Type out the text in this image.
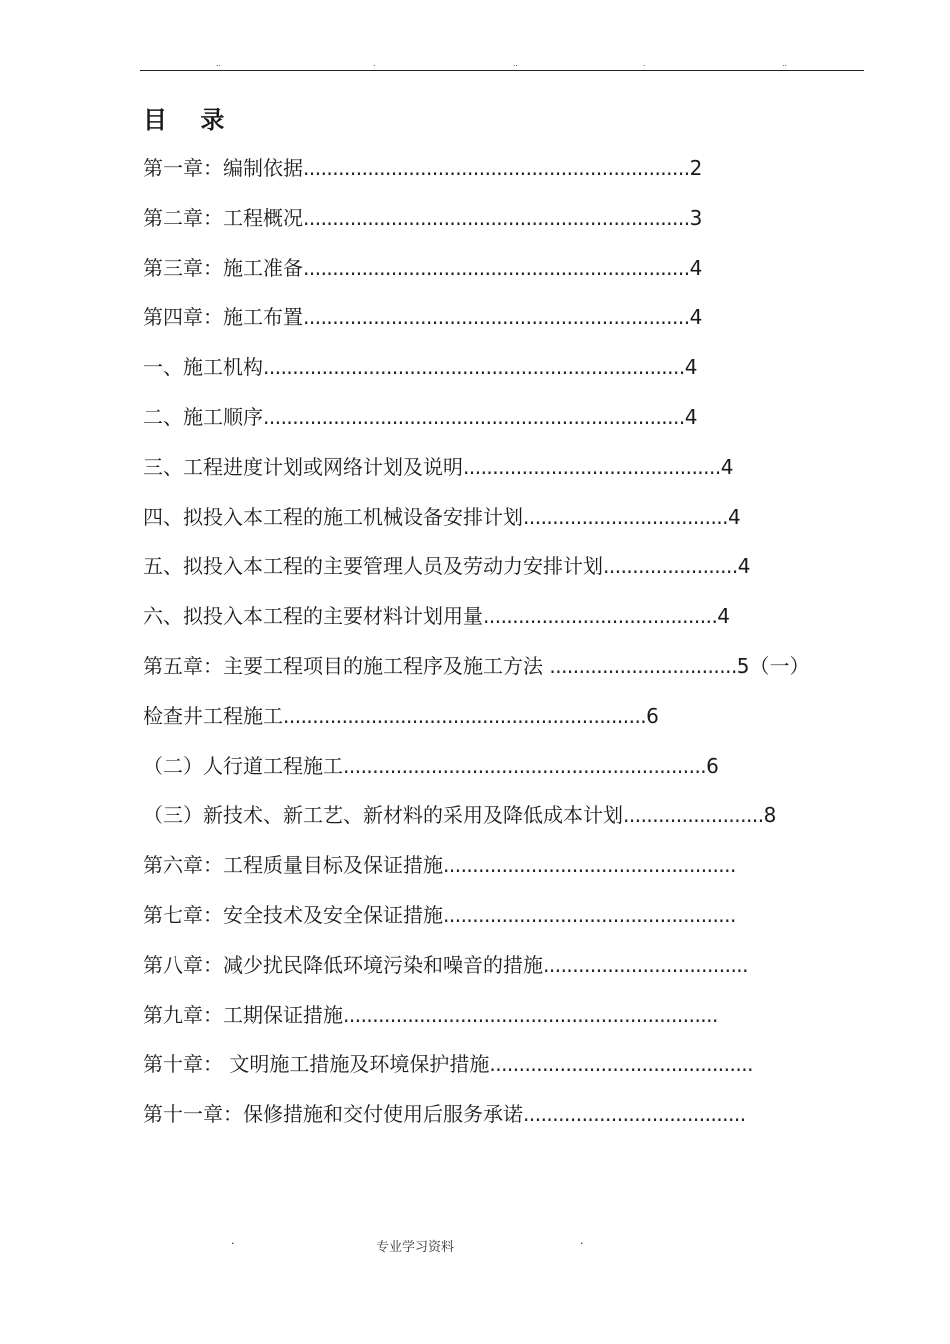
..	.	..	.	..
目    录
第一章：编制依据..................................................................2
第二章：工程概况..................................................................3
第三章：施工准备..................................................................4
第四章：施工布置..................................................................4
一、施工机构........................................................................4
二、施工顺序........................................................................4
三、工程进度计划或网络计划及说明............................................4
四、拟投入本工程的施工机械设备安排计划...................................4
五、拟投入本工程的主要管理人员及劳动力安排计划.......................4
六、拟投入本工程的主要材料计划用量........................................4
第五章：主要工程项目的施工程序及施工方法 ................................5（一）
检查井工程施工..............................................................6
（二）人行道工程施工..............................................................6
（三）新技术、新工艺、新材料的采用及降低成本计划........................8
第六章：工程质量目标及保证措施..................................................
第七章：安全技术及安全保证措施..................................................
第八章：减少扰民降低环境污染和噪音的措施...................................
第九章：工期保证措施................................................................
第十章： 文明施工措施及环境保护措施.............................................
第十一章：保修措施和交付使用后服务承诺......................................
.	专业学习资料	.
